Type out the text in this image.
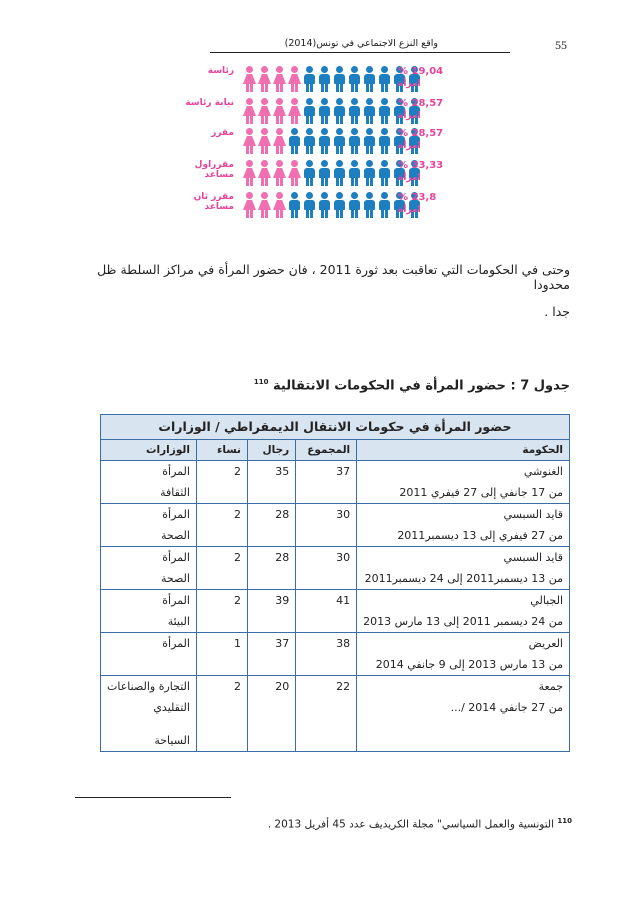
55
واقع النزع الاجتماعي في تونس(2014)
رئاسة	% 19,04
امرأة
نيابة رئاسة	% 28,57
امرأة
مقرر	% 28,57
امرأة
مقرراول مساعد
% 33,33
امرأة
مقرر ثان مساعد
% 23,8
امرأة
وحتى في الحكومات التي تعاقبت بعد ثورة 2011 ، فان حضور المرأة في مراكز السلطة ظل محدودا
جدا .
جدول 7 : حضور المرأة في الحكومات الانتقالية $^{110}$
حضور المرأة في حكومات الانتقال الديمقراطي / الوزارات				
الحكومة	المجموع	رجال	نساء	الوزارات

الغنوشي
من 17 جانفي إلى 27 فيفري 2011	37	35	2	المرأة
الثقافة

قايد السبسي
من 27 فيفري إلى 13 ديسمبر2011	30	28	2	المرأة
الصحة

قايد السبسي
من 13 ديسمبر2011 إلى 24 ديسمبر2011	30	28	2	المرأة
الصحة

الجبالي
من 24 ديسمبر 2011 إلى 13 مارس 2013	41	39	2	المرأة
البيئة

العريض
من 13 مارس 2013 إلى 9 جانفي 2014	38	37	1	المرأة

جمعة
من 27 جانفي 2014 /...	22	20	2	التجارة والصناعات
التقليدي
السياحة
$^{110}$ التونسية والعمل السياسي" مجلة الكريديف عدد 45 أفريل 2013 .
